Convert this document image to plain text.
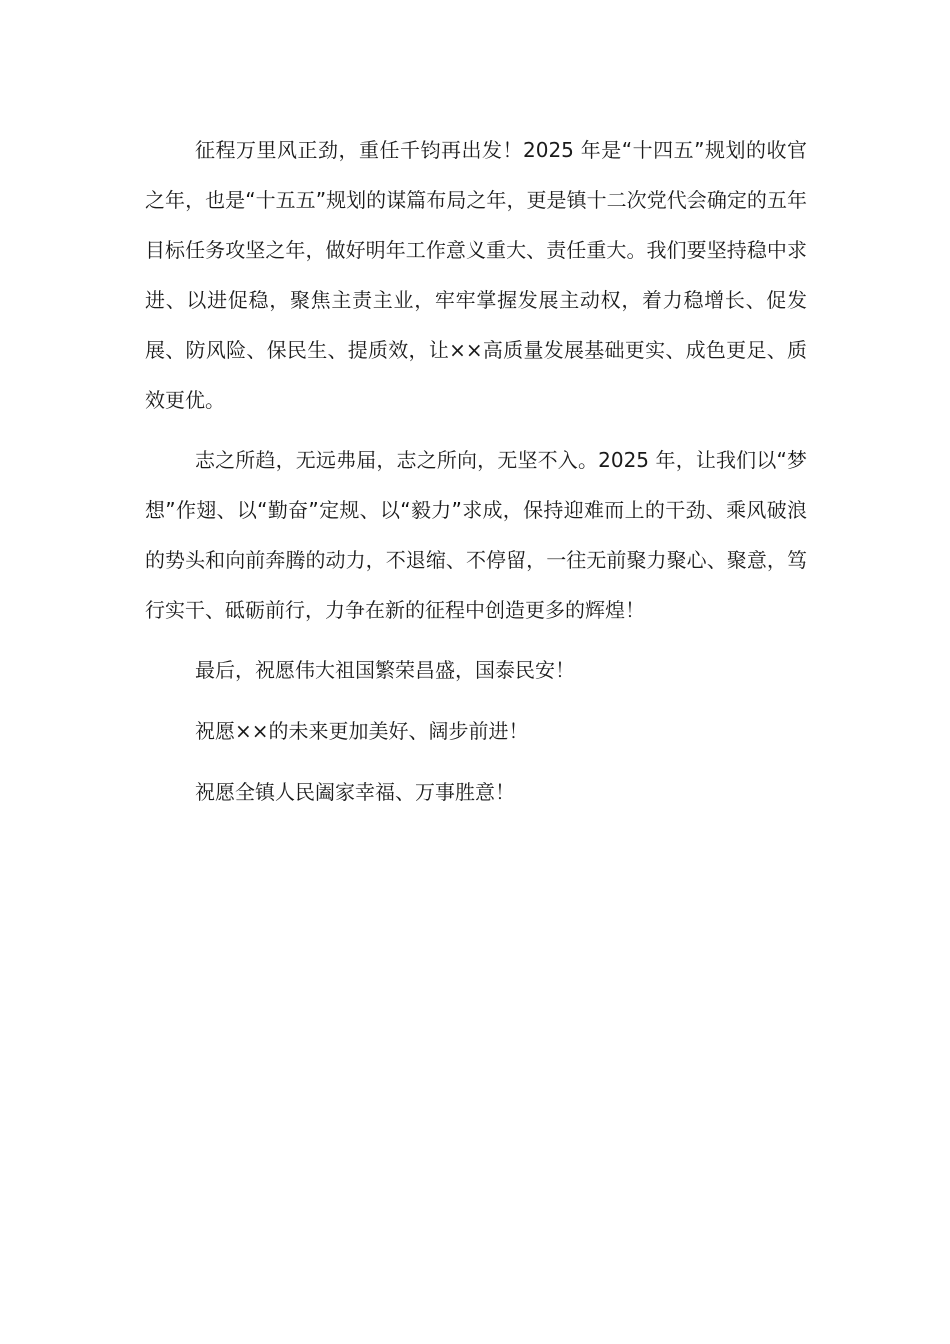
征程万里风正劲，重任千钧再出发！2025 年是“十四五”规划的收官之年，也是“十五五”规划的谋篇布局之年，更是镇十二次党代会确定的五年目标任务攻坚之年，做好明年工作意义重大、责任重大。我们要坚持稳中求进、以进促稳，聚焦主责主业，牢牢掌握发展主动权，着力稳增长、促发展、防风险、保民生、提质效，让××高质量发展基础更实、成色更足、质效更优。

志之所趋，无远弗届，志之所向，无坚不入。2025 年，让我们以“梦想”作翅、以“勤奋”定规、以“毅力”求成，保持迎难而上的干劲、乘风破浪的势头和向前奔腾的动力，不退缩、不停留，一往无前聚力聚心、聚意，笃行实干、砥砺前行，力争在新的征程中创造更多的辉煌！

最后，祝愿伟大祖国繁荣昌盛，国泰民安！

祝愿××的未来更加美好、阔步前进！

祝愿全镇人民阖家幸福、万事胜意！
